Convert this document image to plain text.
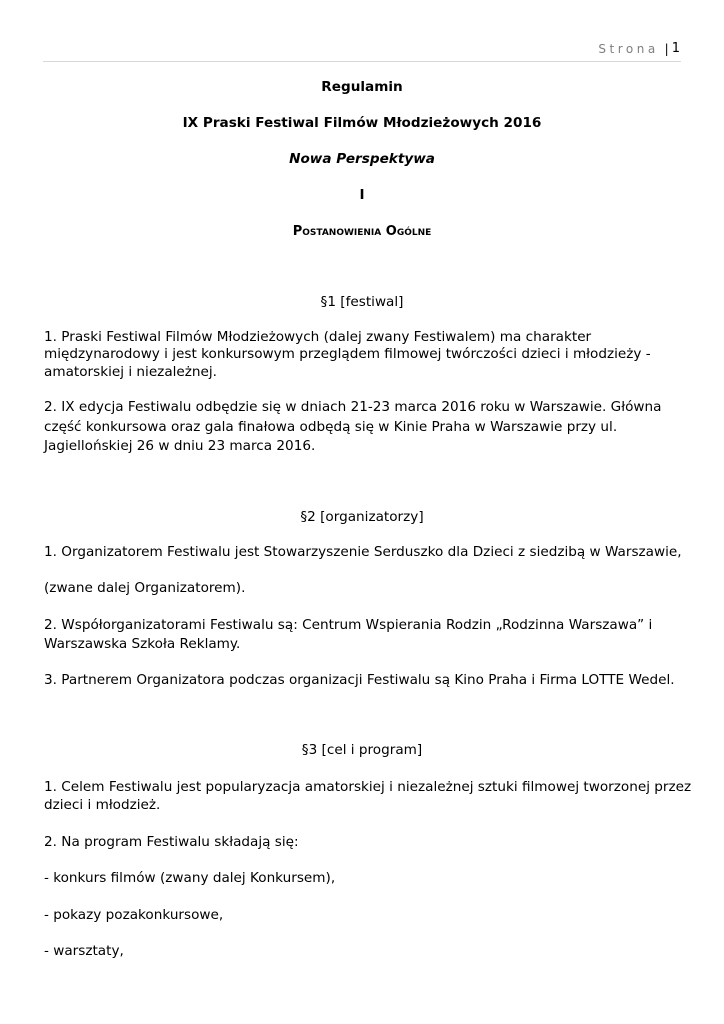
Strona | 1
Regulamin
IX Praski Festiwal Filmów Młodzieżowych 2016
Nowa Perspektywa
I
Postanowienia Ogólne
§1 [festiwal]
1. Praski Festiwal Filmów Młodzieżowych (dalej zwany Festiwalem) ma charakter
międzynarodowy i jest konkursowym przeglądem filmowej twórczości dzieci i młodzieży -
amatorskiej i niezależnej.
2. IX edycja Festiwalu odbędzie się w dniach 21-23 marca 2016 roku w Warszawie. Główna
część konkursowa oraz gala finałowa odbędą się w Kinie Praha w Warszawie przy ul.
Jagiellońskiej 26 w dniu 23 marca 2016.
§2 [organizatorzy]
1. Organizatorem Festiwalu jest Stowarzyszenie Serduszko dla Dzieci z siedzibą w Warszawie,
(zwane dalej Organizatorem).
2. Współorganizatorami Festiwalu są: Centrum Wspierania Rodzin „Rodzinna Warszawa” i
Warszawska Szkoła Reklamy.
3. Partnerem Organizatora podczas organizacji Festiwalu są Kino Praha i Firma LOTTE Wedel.
§3 [cel i program]
1. Celem Festiwalu jest popularyzacja amatorskiej i niezależnej sztuki filmowej tworzonej przez
dzieci i młodzież.
2. Na program Festiwalu składają się:
- konkurs filmów (zwany dalej Konkursem),
- pokazy pozakonkursowe,
- warsztaty,
